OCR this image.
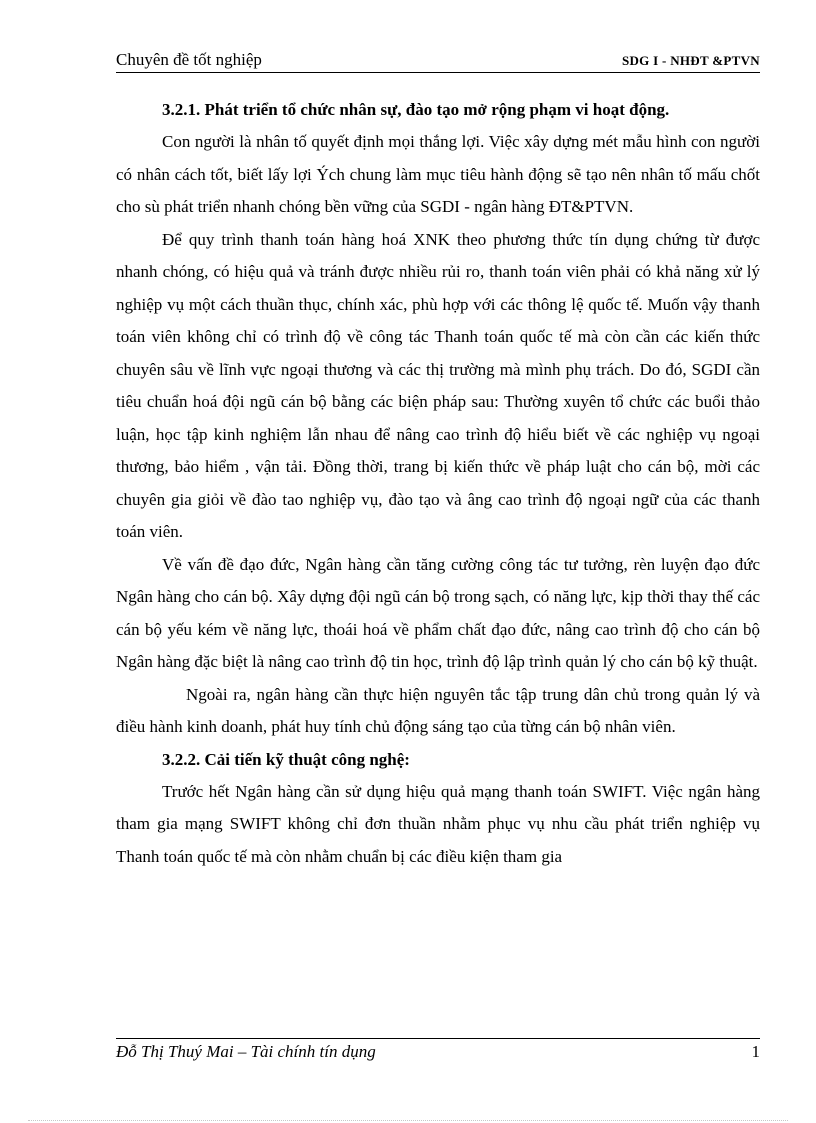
Chuyên đề tốt nghiệp	SDG I - NHĐT &PTVN

3.2.1. Phát triển tổ chức nhân sự, đào tạo mở rộng phạm vi hoạt động.

Con người là nhân tố quyết định mọi thắng lợi. Việc xây dựng mét mẫu hình con người có nhân cách tốt, biết lấy lợi Ých chung làm mục tiêu hành động sẽ tạo nên nhân tố mấu chốt cho sù phát triển nhanh chóng bền vững của SGDI - ngân hàng ĐT&PTVN.

Để quy trình thanh toán hàng hoá XNK theo phương thức tín dụng chứng từ được nhanh chóng, có hiệu quả và tránh được nhiều rủi ro, thanh toán viên phải có khả năng xử lý nghiệp vụ một cách thuần thục, chính xác, phù hợp với các thông lệ quốc tế. Muốn vậy thanh toán viên không chỉ có trình độ về công tác Thanh toán quốc tế mà còn cần các kiến thức chuyên sâu về lĩnh vực ngoại thương và các thị trường mà mình phụ trách. Do đó, SGDI cần tiêu chuẩn hoá đội ngũ cán bộ bằng các biện pháp sau: Thường xuyên tổ chức các buổi thảo luận, học tập kinh nghiệm lẫn nhau để nâng cao trình độ hiểu biết về các nghiệp vụ ngoại thương, bảo hiểm , vận tải. Đồng thời, trang bị kiến thức về pháp luật cho cán bộ, mời các chuyên gia giỏi về đào tao nghiệp vụ, đào tạo và âng cao trình độ ngoại ngữ của các thanh toán viên.

Về vấn đề đạo đức, Ngân hàng cần tăng cường công tác tư tưởng, rèn luyện đạo đức Ngân hàng cho cán bộ. Xây dựng đội ngũ cán bộ trong sạch, có năng lực, kịp thời thay thế các cán bộ yếu kém về năng lực, thoái hoá về phẩm chất đạo đức, nâng cao trình độ cho cán bộ Ngân hàng đặc biệt là nâng cao trình độ tin học, trình độ lập trình quản lý cho cán bộ kỹ thuật.

Ngoài ra, ngân hàng cần thực hiện nguyên tắc tập trung dân chủ trong quản lý và điều hành kinh doanh, phát huy tính chủ động sáng tạo của từng cán bộ nhân viên.

3.2.2. Cải tiến kỹ thuật công nghệ:

Trước hết Ngân hàng cần sử dụng hiệu quả mạng thanh toán SWIFT. Việc ngân hàng tham gia mạng SWIFT không chỉ đơn thuần nhằm phục vụ nhu cầu phát triển nghiệp vụ Thanh toán quốc tế mà còn nhằm chuẩn bị các điều kiện tham gia

Đỗ Thị Thuý Mai – Tài chính tín dụng	1
